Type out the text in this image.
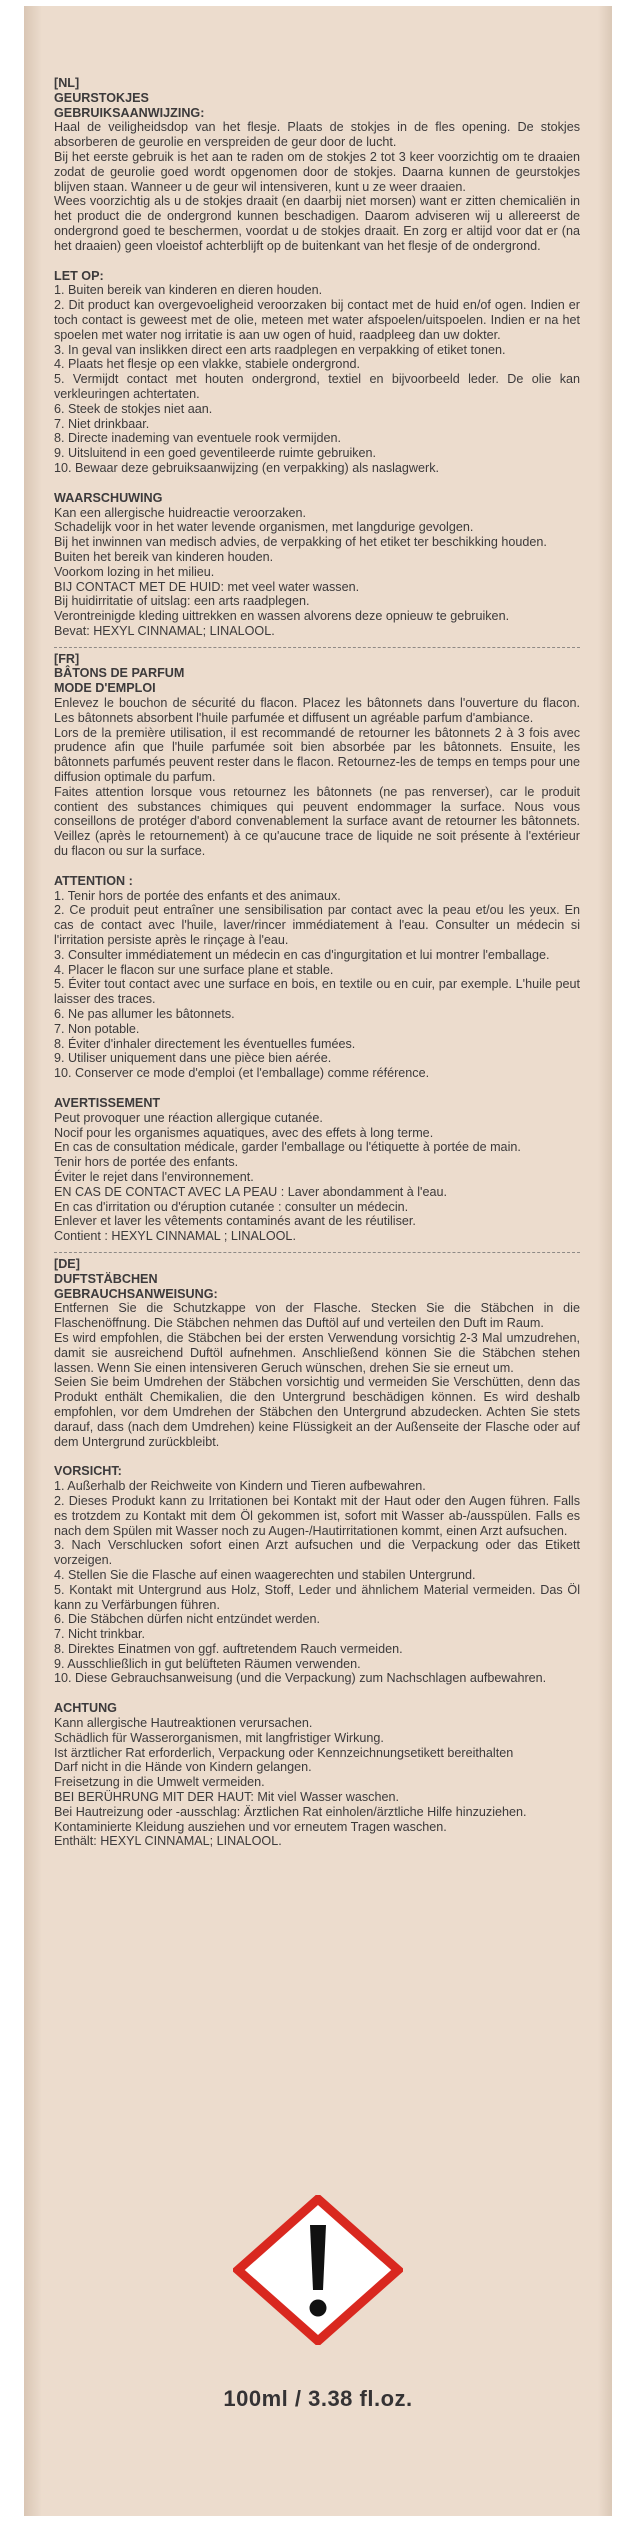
[NL]
GEURSTOKJES
GEBRUIKSAANWIJZING:

Haal de veiligheidsdop van het flesje. Plaats de stokjes in de fles opening. De stokjes absorberen de geurolie en verspreiden de geur door de lucht.

Bij het eerste gebruik is het aan te raden om de stokjes 2 tot 3 keer voorzichtig om te draaien zodat de geurolie goed wordt opgenomen door de stokjes. Daarna kunnen de geurstokjes blijven staan. Wanneer u de geur wil intensiveren, kunt u ze weer draaien.

Wees voorzichtig als u de stokjes draait (en daarbij niet morsen) want er zitten chemicaliën in het product die de ondergrond kunnen beschadigen. Daarom adviseren wij u allereerst de ondergrond goed te beschermen, voordat u de stokjes draait. En zorg er altijd voor dat er (na het draaien) geen vloeistof achterblijft op de buitenkant van het flesje of de ondergrond.

LET OP:

1. Buiten bereik van kinderen en dieren houden.

2. Dit product kan overgevoeligheid veroorzaken bij contact met de huid en/of ogen. Indien er toch contact is geweest met de olie, meteen met water afspoelen/uitspoelen. Indien er na het spoelen met water nog irritatie is aan uw ogen of huid, raadpleeg dan uw dokter.

3. In geval van inslikken direct een arts raadplegen en verpakking of etiket tonen.

4. Plaats het flesje op een vlakke, stabiele ondergrond.

5. Vermijdt contact met houten ondergrond, textiel en bijvoorbeeld leder. De olie kan verkleuringen achtertaten.

6. Steek de stokjes niet aan.

7. Niet drinkbaar.

8. Directe inademing van eventuele rook vermijden.

9. Uitsluitend in een goed geventileerde ruimte gebruiken.

10. Bewaar deze gebruiksaanwijzing (en verpakking) als naslagwerk.

WAARSCHUWING

Kan een allergische huidreactie veroorzaken.

Schadelijk voor in het water levende organismen, met langdurige gevolgen.

Bij het inwinnen van medisch advies, de verpakking of het etiket ter beschikking houden.

Buiten het bereik van kinderen houden.

Voorkom lozing in het milieu.

BIJ CONTACT MET DE HUID: met veel water wassen.

Bij huidirritatie of uitslag: een arts raadplegen.

Verontreinigde kleding uittrekken en wassen alvorens deze opnieuw te gebruiken.

Bevat: HEXYL CINNAMAL; LINALOOL.

[FR]
BÂTONS DE PARFUM
MODE D'EMPLOI

Enlevez le bouchon de sécurité du flacon. Placez les bâtonnets dans l'ouverture du flacon. Les bâtonnets absorbent l'huile parfumée et diffusent un agréable parfum d'ambiance.

Lors de la première utilisation, il est recommandé de retourner les bâtonnets 2 à 3 fois avec prudence afin que l'huile parfumée soit bien absorbée par les bâtonnets. Ensuite, les bâtonnets parfumés peuvent rester dans le flacon. Retournez-les de temps en temps pour une diffusion optimale du parfum.

Faites attention lorsque vous retournez les bâtonnets (ne pas renverser), car le produit contient des substances chimiques qui peuvent endommager la surface. Nous vous conseillons de protéger d'abord convenablement la surface avant de retourner les bâtonnets. Veillez (après le retournement) à ce qu'aucune trace de liquide ne soit présente à l'extérieur du flacon ou sur la surface.

ATTENTION :

1. Tenir hors de portée des enfants et des animaux.

2. Ce produit peut entraîner une sensibilisation par contact avec la peau et/ou les yeux. En cas de contact avec l'huile, laver/rincer immédiatement à l'eau. Consulter un médecin si l'irritation persiste après le rinçage à l'eau.

3. Consulter immédiatement un médecin en cas d'ingurgitation et lui montrer l'emballage.

4. Placer le flacon sur une surface plane et stable.

5. Éviter tout contact avec une surface en bois, en textile ou en cuir, par exemple. L'huile peut laisser des traces.

6. Ne pas allumer les bâtonnets.

7. Non potable.

8. Éviter d'inhaler directement les éventuelles fumées.

9. Utiliser uniquement dans une pièce bien aérée.

10. Conserver ce mode d'emploi (et l'emballage) comme référence.

AVERTISSEMENT

Peut provoquer une réaction allergique cutanée.

Nocif pour les organismes aquatiques, avec des effets à long terme.

En cas de consultation médicale, garder l'emballage ou l'étiquette à portée de main.

Tenir hors de portée des enfants.

Éviter le rejet dans l'environnement.

EN CAS DE CONTACT AVEC LA PEAU : Laver abondamment à l'eau.

En cas d'irritation ou d'éruption cutanée : consulter un médecin.

Enlever et laver les vêtements contaminés avant de les réutiliser.

Contient : HEXYL CINNAMAL ; LINALOOL.

[DE]
DUFTSTÄBCHEN
GEBRAUCHSANWEISUNG:

Entfernen Sie die Schutzkappe von der Flasche. Stecken Sie die Stäbchen in die Flaschenöffnung. Die Stäbchen nehmen das Duftöl auf und verteilen den Duft im Raum.

Es wird empfohlen, die Stäbchen bei der ersten Verwendung vorsichtig 2-3 Mal umzudrehen, damit sie ausreichend Duftöl aufnehmen. Anschließend können Sie die Stäbchen stehen lassen. Wenn Sie einen intensiveren Geruch wünschen, drehen Sie sie erneut um.

Seien Sie beim Umdrehen der Stäbchen vorsichtig und vermeiden Sie Verschütten, denn das Produkt enthält Chemikalien, die den Untergrund beschädigen können. Es wird deshalb empfohlen, vor dem Umdrehen der Stäbchen den Untergrund abzudecken. Achten Sie stets darauf, dass (nach dem Umdrehen) keine Flüssigkeit an der Außenseite der Flasche oder auf dem Untergrund zurückbleibt.

VORSICHT:

1. Außerhalb der Reichweite von Kindern und Tieren aufbewahren.

2. Dieses Produkt kann zu Irritationen bei Kontakt mit der Haut oder den Augen führen. Falls es trotzdem zu Kontakt mit dem Öl gekommen ist, sofort mit Wasser ab-/ausspülen. Falls es nach dem Spülen mit Wasser noch zu Augen-/Hautirritationen kommt, einen Arzt aufsuchen.

3. Nach Verschlucken sofort einen Arzt aufsuchen und die Verpackung oder das Etikett vorzeigen.

4. Stellen Sie die Flasche auf einen waagerechten und stabilen Untergrund.

5. Kontakt mit Untergrund aus Holz, Stoff, Leder und ähnlichem Material vermeiden. Das Öl kann zu Verfärbungen führen.

6. Die Stäbchen dürfen nicht entzündet werden.

7. Nicht trinkbar.

8. Direktes Einatmen von ggf. auftretendem Rauch vermeiden.

9. Ausschließlich in gut belüfteten Räumen verwenden.

10. Diese Gebrauchsanweisung (und die Verpackung) zum Nachschlagen aufbewahren.

ACHTUNG

Kann allergische Hautreaktionen verursachen.

Schädlich für Wasserorganismen, mit langfristiger Wirkung.

Ist ärztlicher Rat erforderlich, Verpackung oder Kennzeichnungsetikett bereithalten

Darf nicht in die Hände von Kindern gelangen.

Freisetzung in die Umwelt vermeiden.

BEI BERÜHRUNG MIT DER HAUT: Mit viel Wasser waschen.

Bei Hautreizung oder -ausschlag: Ärztlichen Rat einholen/ärztliche Hilfe hinzuziehen.

Kontaminierte Kleidung ausziehen und vor erneutem Tragen waschen.

Enthält: HEXYL CINNAMAL; LINALOOL.

100ml / 3.38 fl.oz.
